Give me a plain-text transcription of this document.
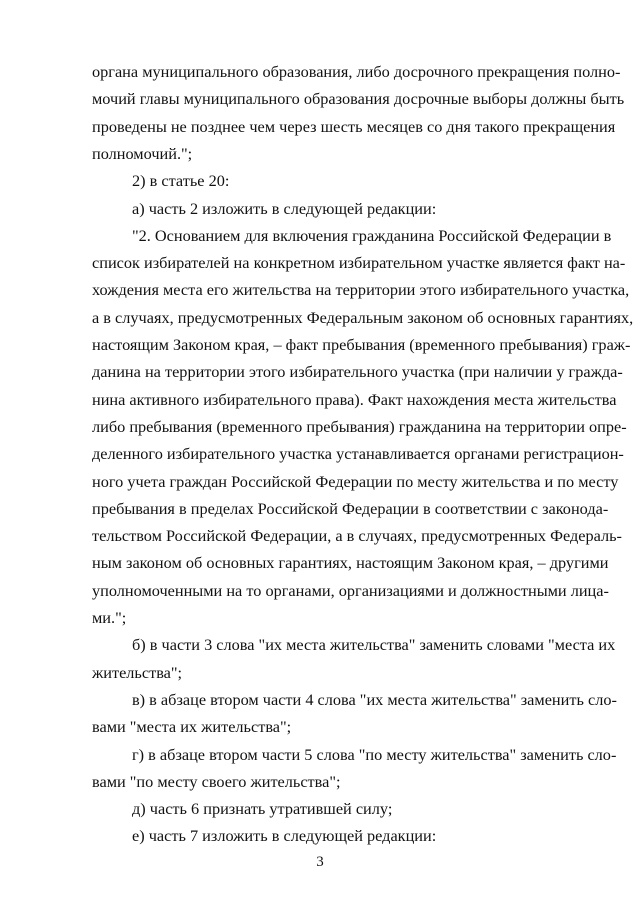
3
органа муниципального образования, либо досрочного прекращения полно-
мочий главы муниципального образования досрочные выборы должны быть
проведены не позднее чем через шесть месяцев со дня такого прекращения
полномочий.";
2) в статье 20:
а) часть 2 изложить в следующей редакции:
"2. Основанием для включения гражданина Российской Федерации в
список избирателей на конкретном избирательном участке является факт на-
хождения места его жительства на территории этого избирательного участка,
а в случаях, предусмотренных Федеральным законом об основных гарантиях,
настоящим Законом края, – факт пребывания (временного пребывания) граж-
данина на территории этого избирательного участка (при наличии у гражда-
нина активного избирательного права). Факт нахождения места жительства
либо пребывания (временного пребывания) гражданина на территории опре-
деленного избирательного участка устанавливается органами регистрацион-
ного учета граждан Российской Федерации по месту жительства и по месту
пребывания в пределах Российской Федерации в соответствии с законода-
тельством Российской Федерации, а в случаях, предусмотренных Федераль-
ным законом об основных гарантиях, настоящим Законом края, – другими
уполномоченными на то органами, организациями и должностными лица-
ми.";
б) в части 3 слова "их места жительства" заменить словами "места их
жительства";
в) в абзаце втором части 4 слова "их места жительства" заменить сло-
вами "места их жительства";
г) в абзаце втором части 5 слова "по месту жительства" заменить сло-
вами "по месту своего жительства";
д) часть 6 признать утратившей силу;
е) часть 7 изложить в следующей редакции:
